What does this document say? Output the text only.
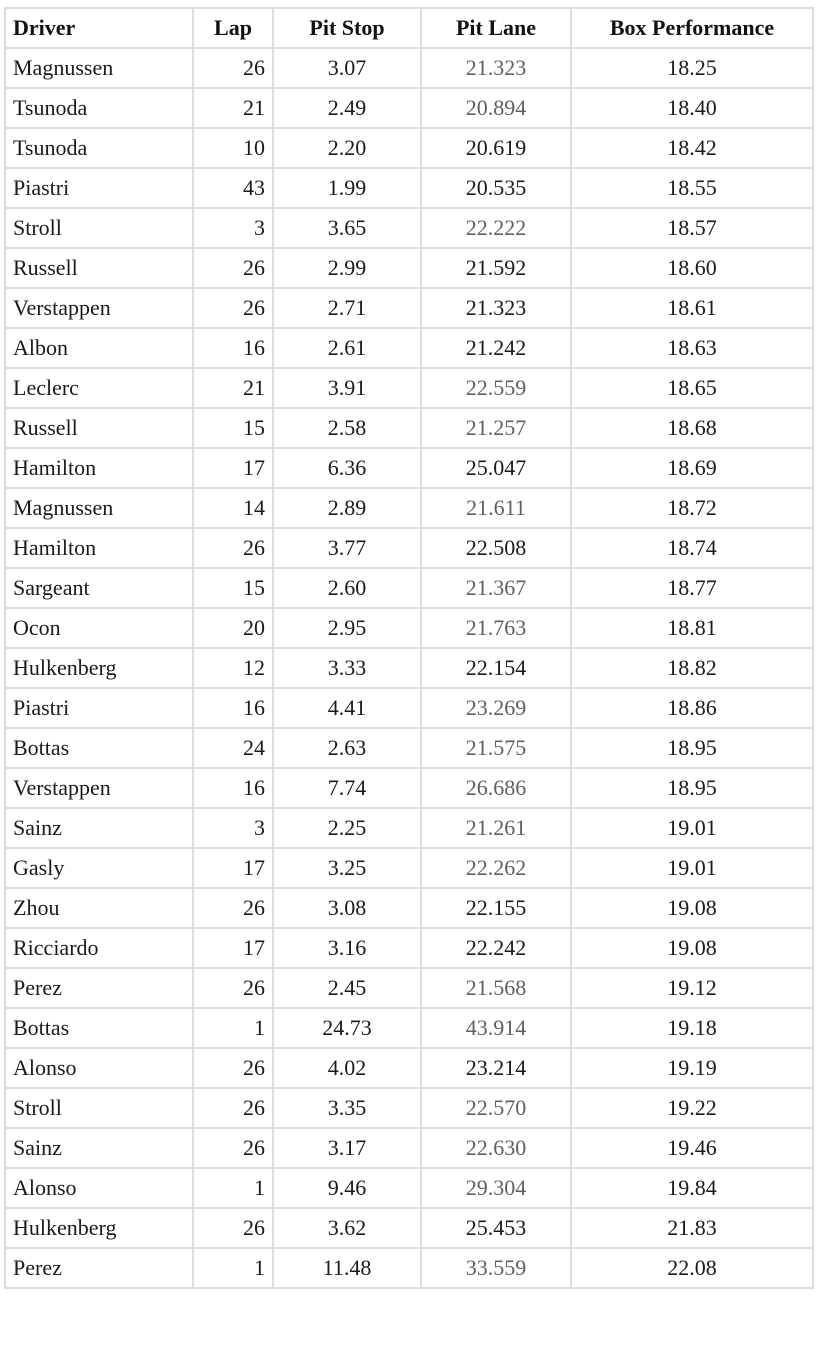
Driver	Lap	Pit Stop	Pit Lane	Box Performance
Magnussen	26	3.07	21.323	18.25
Tsunoda	21	2.49	20.894	18.40
Tsunoda	10	2.20	20.619	18.42
Piastri	43	1.99	20.535	18.55
Stroll	3	3.65	22.222	18.57
Russell	26	2.99	21.592	18.60
Verstappen	26	2.71	21.323	18.61
Albon	16	2.61	21.242	18.63
Leclerc	21	3.91	22.559	18.65
Russell	15	2.58	21.257	18.68
Hamilton	17	6.36	25.047	18.69
Magnussen	14	2.89	21.611	18.72
Hamilton	26	3.77	22.508	18.74
Sargeant	15	2.60	21.367	18.77
Ocon	20	2.95	21.763	18.81
Hulkenberg	12	3.33	22.154	18.82
Piastri	16	4.41	23.269	18.86
Bottas	24	2.63	21.575	18.95
Verstappen	16	7.74	26.686	18.95
Sainz	3	2.25	21.261	19.01
Gasly	17	3.25	22.262	19.01
Zhou	26	3.08	22.155	19.08
Ricciardo	17	3.16	22.242	19.08
Perez	26	2.45	21.568	19.12
Bottas	1	24.73	43.914	19.18
Alonso	26	4.02	23.214	19.19
Stroll	26	3.35	22.570	19.22
Sainz	26	3.17	22.630	19.46
Alonso	1	9.46	29.304	19.84
Hulkenberg	26	3.62	25.453	21.83
Perez	1	11.48	33.559	22.08
